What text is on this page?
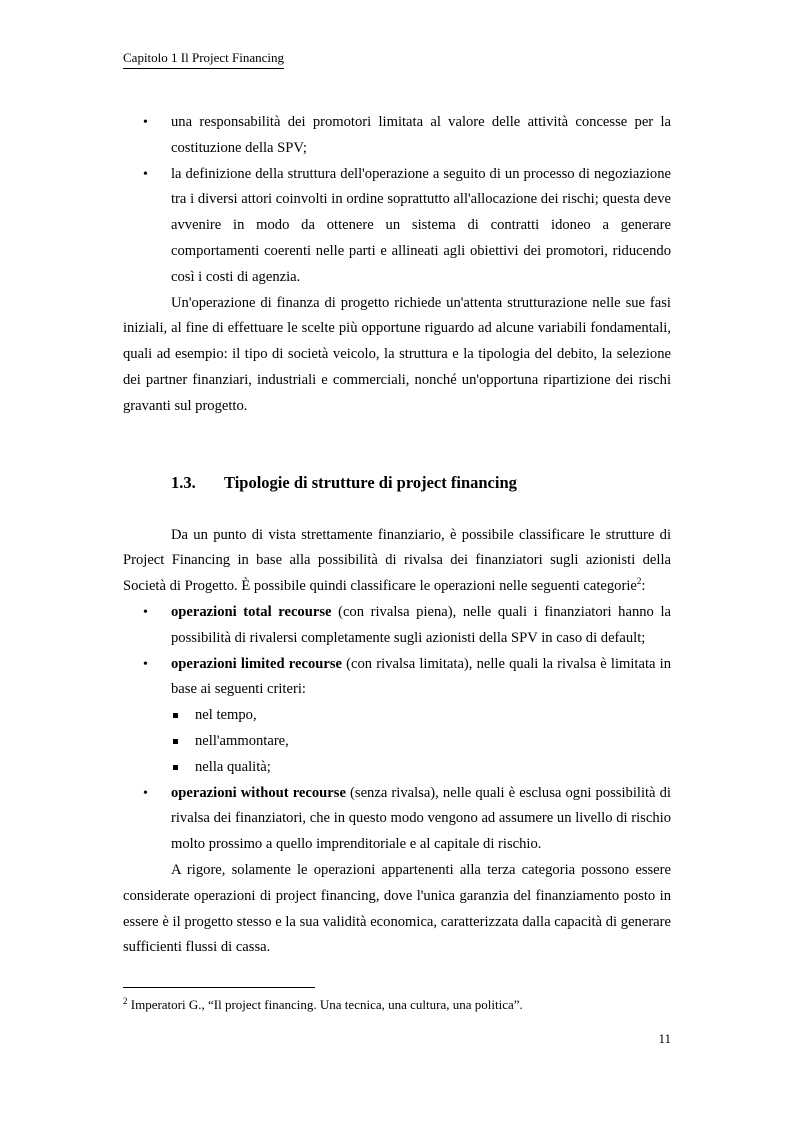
Capitolo 1 Il Project Financing
• una responsabilità dei promotori limitata al valore delle attività concesse per la costituzione della SPV;
• la definizione della struttura dell'operazione a seguito di un processo di negoziazione tra i diversi attori coinvolti in ordine soprattutto all'allocazione dei rischi; questa deve avvenire in modo da ottenere un sistema di contratti idoneo a generare comportamenti coerenti nelle parti e allineati agli obiettivi dei promotori, riducendo così i costi di agenzia.

Un'operazione di finanza di progetto richiede un'attenta strutturazione nelle sue fasi iniziali, al fine di effettuare le scelte più opportune riguardo ad alcune variabili fondamentali, quali ad esempio: il tipo di società veicolo, la struttura e la tipologia del debito, la selezione dei partner finanziari, industriali e commerciali, nonché un'opportuna ripartizione dei rischi gravanti sul progetto.

1.3. Tipologie di strutture di project financing

Da un punto di vista strettamente finanziario, è possibile classificare le strutture di Project Financing in base alla possibilità di rivalsa dei finanziatori sugli azionisti della Società di Progetto. È possibile quindi classificare le operazioni nelle seguenti categorie$^2$:

• operazioni total recourse (con rivalsa piena), nelle quali i finanziatori hanno la possibilità di rivalersi completamente sugli azionisti della SPV in caso di default;
• operazioni limited recourse (con rivalsa limitata), nelle quali la rivalsa è limitata in base ai seguenti criteri:
nel tempo,
nell'ammontare,
nella qualità;
• operazioni without recourse (senza rivalsa), nelle quali è esclusa ogni possibilità di rivalsa dei finanziatori, che in questo modo vengono ad assumere un livello di rischio molto prossimo a quello imprenditoriale e al capitale di rischio.

A rigore, solamente le operazioni appartenenti alla terza categoria possono essere considerate operazioni di project financing, dove l'unica garanzia del finanziamento posto in essere è il progetto stesso e la sua validità economica, caratterizzata dalla capacità di generare sufficienti flussi di cassa.

$^2$ Imperatori G., “Il project financing. Una tecnica, una cultura, una politica”.
11
